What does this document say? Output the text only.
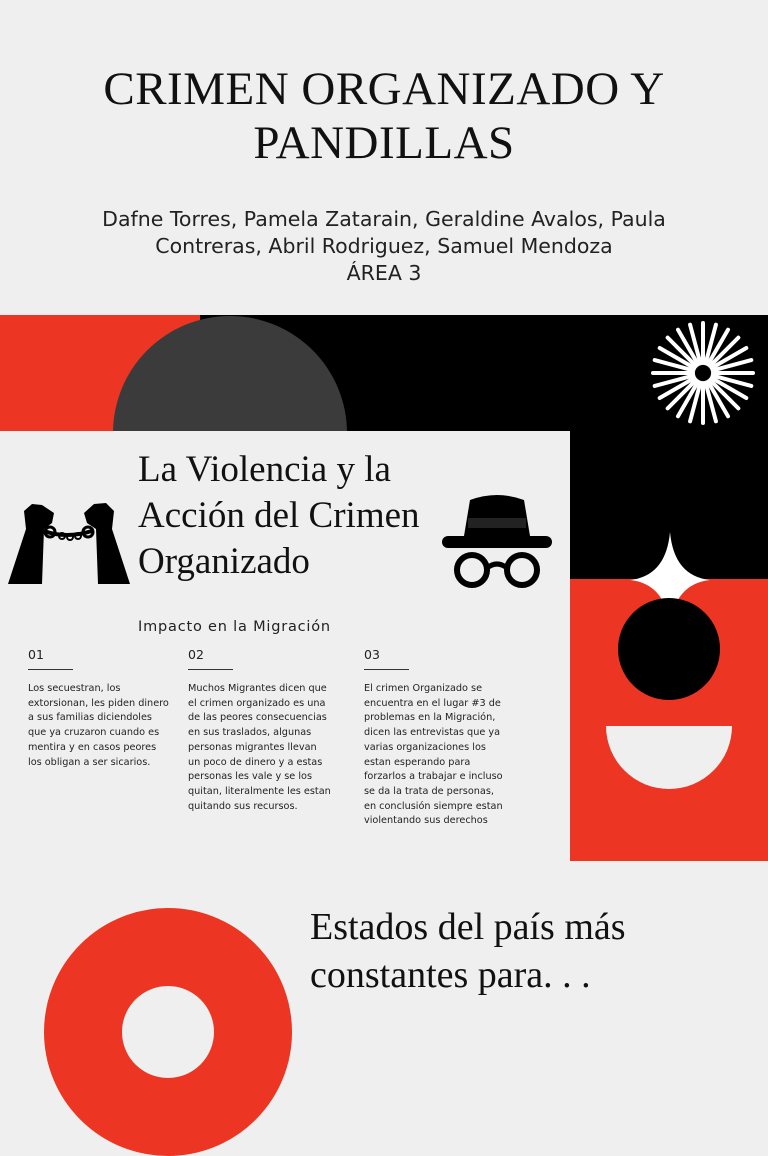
CRIMEN ORGANIZADO Y
PANDILLAS
Dafne Torres, Pamela Zatarain, Geraldine Avalos, Paula
Contreras, Abril Rodriguez, Samuel Mendoza
ÁREA 3
La Violencia y la
Acción del Crimen
Organizado
Impacto en la Migración
01
Los secuestran, los
extorsionan, les piden dinero
a sus familias diciendoles
que ya cruzaron cuando es
mentira y en casos peores
los obligan a ser sicarios.
02
Muchos Migrantes dicen que
el crimen organizado es una
de las peores consecuencias
en sus traslados, algunas
personas migrantes llevan
un poco de dinero y a estas
personas les vale y se los
quitan, literalmente les estan
quitando sus recursos.
03
El crimen Organizado se
encuentra en el lugar #3 de
problemas en la Migración,
dicen las entrevistas que ya
varias organizaciones los
estan esperando para
forzarlos a trabajar e incluso
se da la trata de personas,
en conclusión siempre estan
violentando sus derechos
Estados del país más
constantes para. . .
